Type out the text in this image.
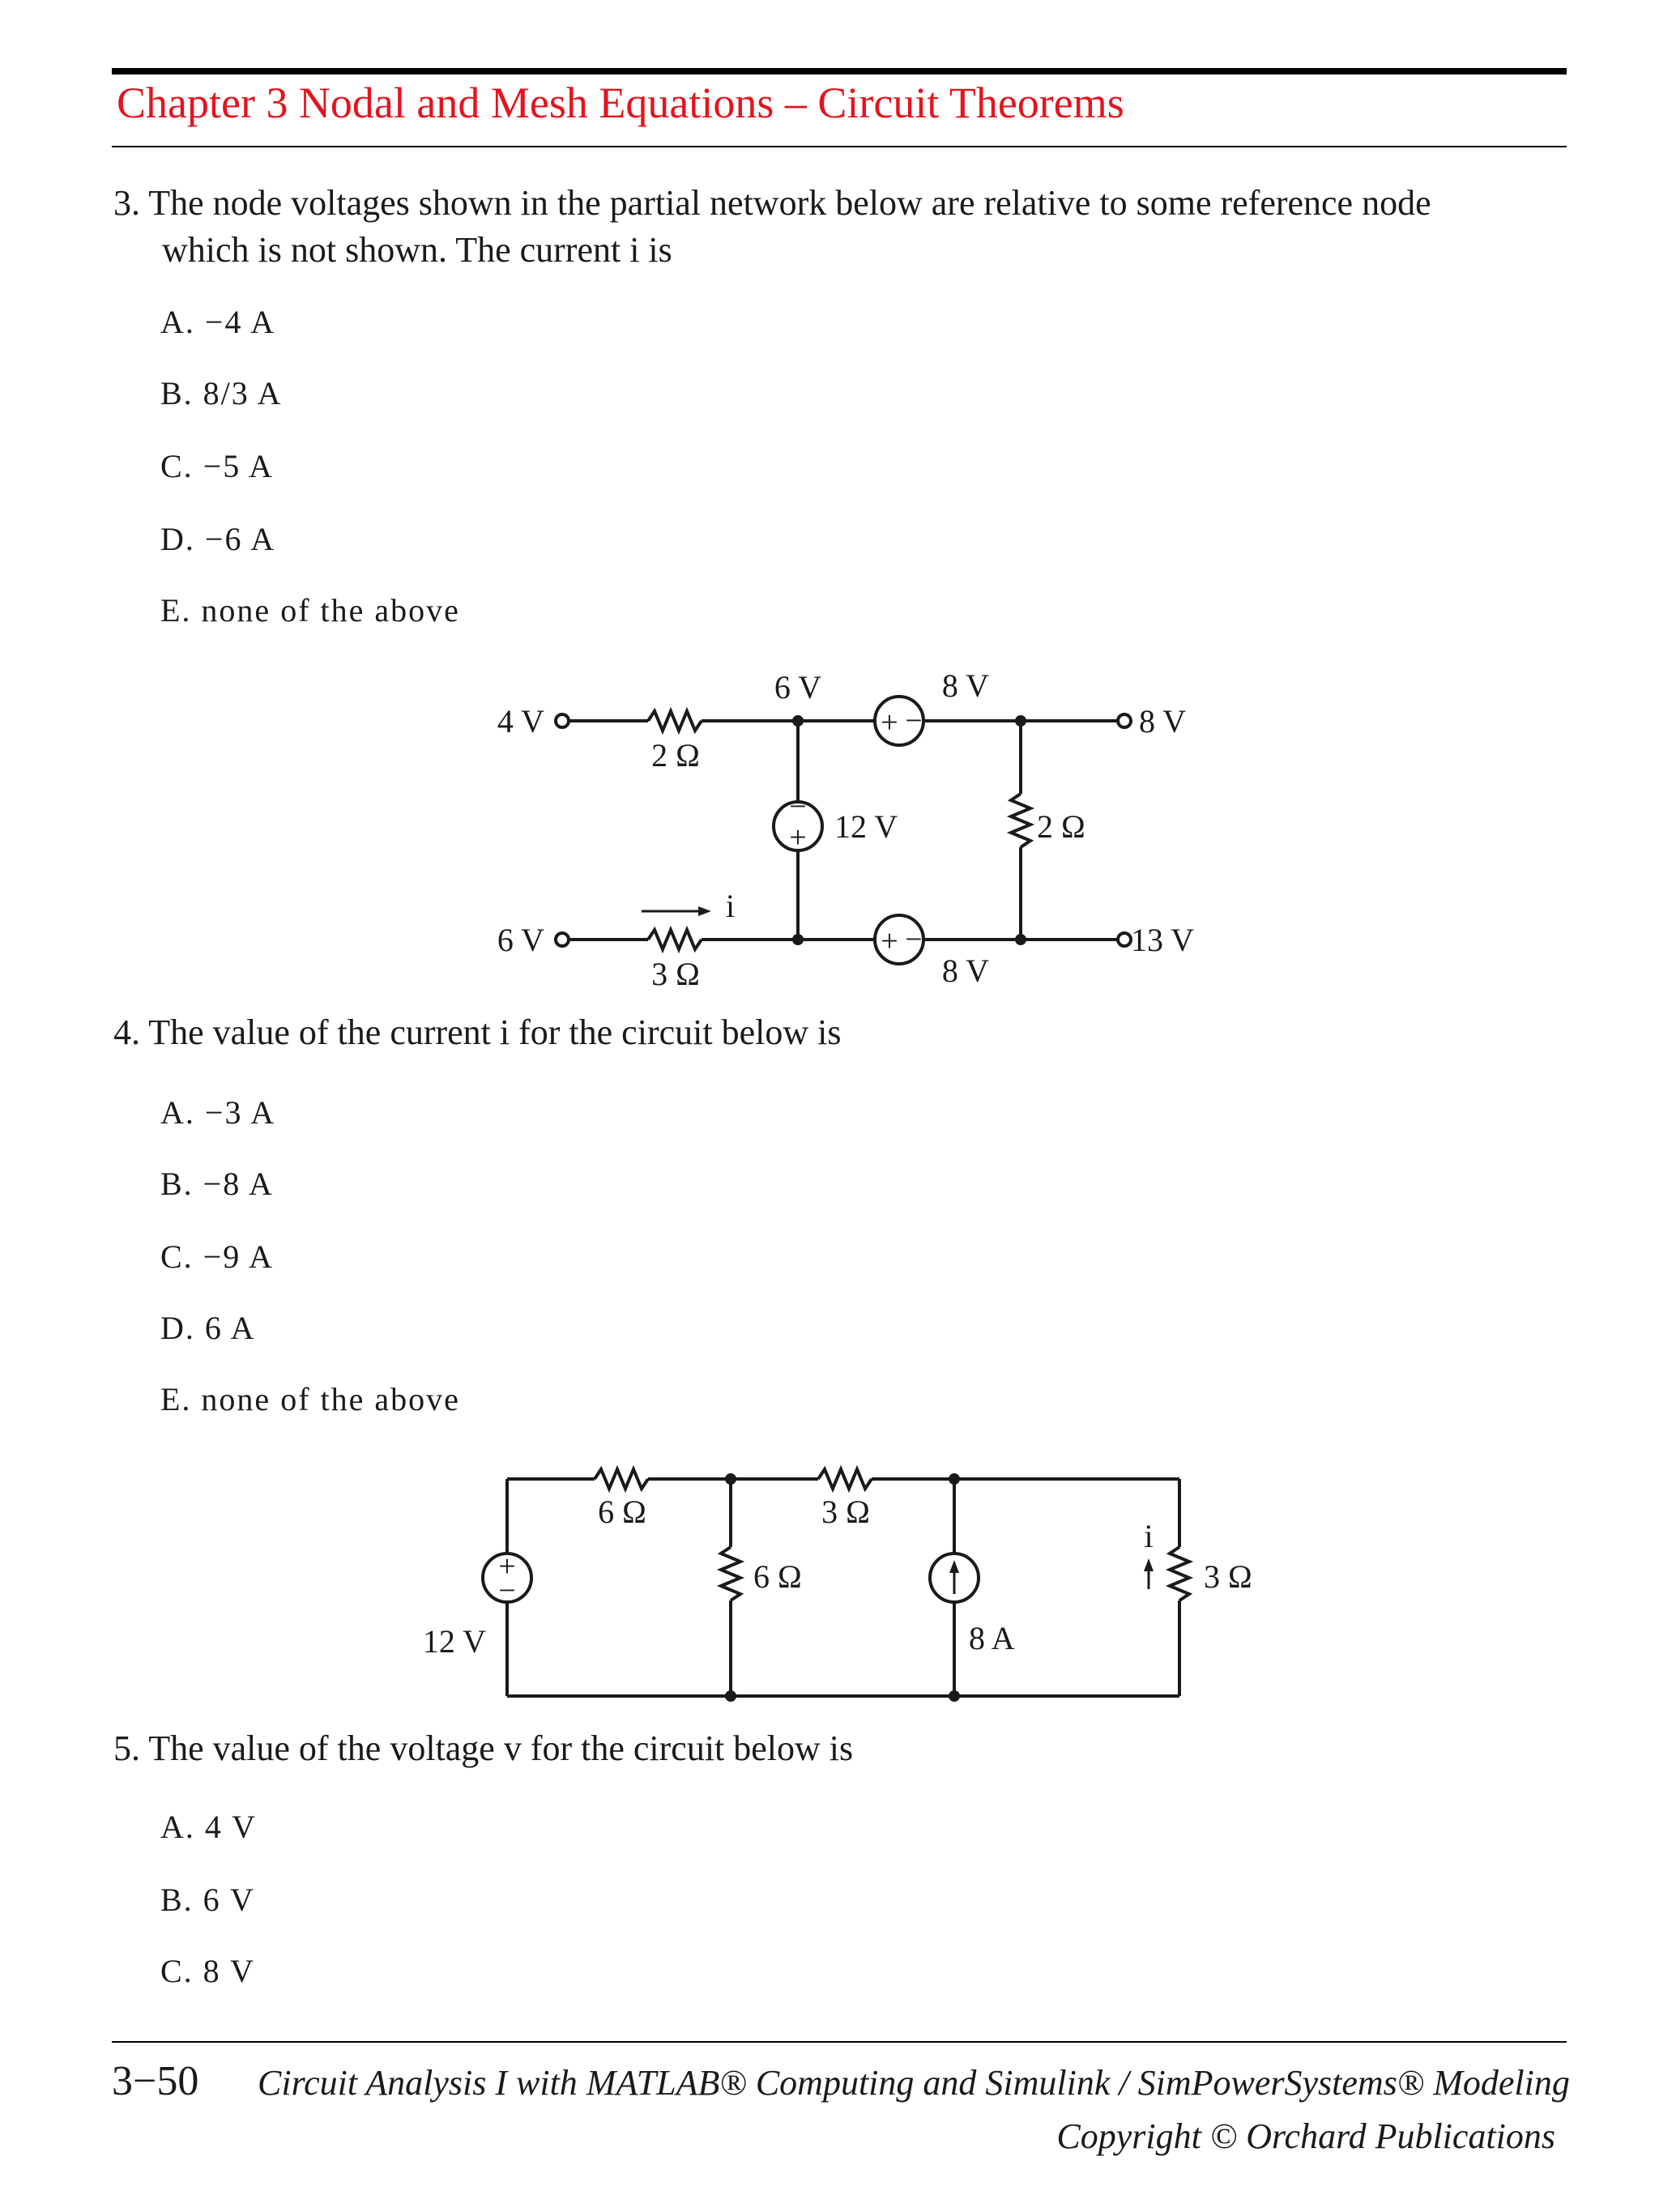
Chapter 3 Nodal and Mesh Equations – Circuit Theorems
3. The node voltages shown in the partial network below are relative to some reference node
which is not shown. The current i is
A. −4 A
B. 8/3 A
C. −5 A
D. −6 A
E. none of the above
+ −
−
+
+ −
4 V
2 Ω
6 V	8 V
8 V
12 V	2 Ω
i
6 V
3 Ω	8 V
13 V
4. The value of the current i for the circuit below is
A. −3 A
B. −8 A
C. −9 A
D. 6 A
E. none of the above
+
−
6 Ω	3 Ω
12 V
6 Ω
8 A
i
3 Ω
5. The value of the voltage v for the circuit below is
A. 4 V
B. 6 V
C. 8 V
3−50 Circuit Analysis I with MATLAB® Computing and Simulink / SimPowerSystems® Modeling
Copyright © Orchard Publications
